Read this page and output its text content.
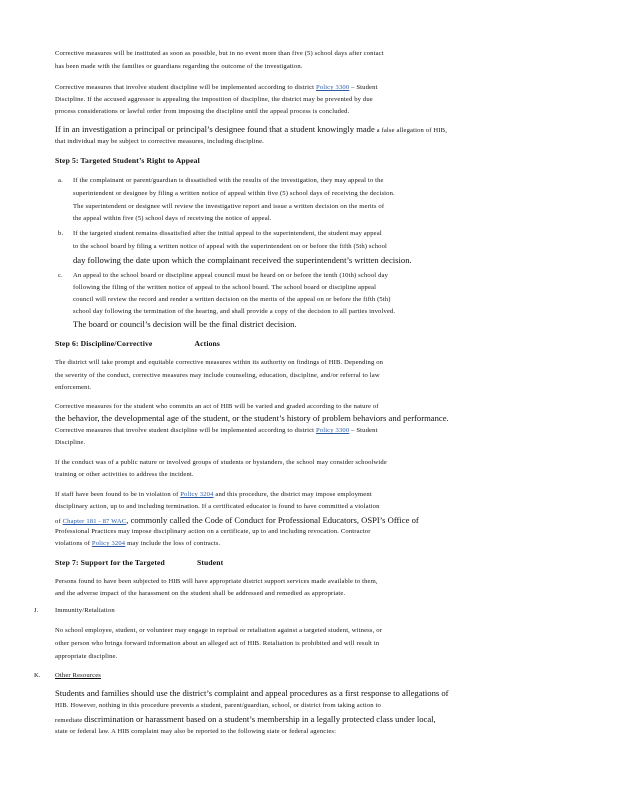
Corrective measures will be instituted as soon as possible, but in no event more than five (5) school days after contact
has been made with the families or guardians regarding the outcome of the investigation.
Corrective measures that involve student discipline will be implemented according to district Policy 3300 – Student
Discipline. If the accused aggressor is appealing the imposition of discipline, the district may be prevented by due
process considerations or lawful order from imposing the discipline until the appeal process is concluded.
If in an investigation a principal or principal’s designee found that a student knowingly made a false allegation of HIB,
that individual may be subject to corrective measures, including discipline.
Step 5: Targeted Student’s Right to Appeal
a. If the complainant or parent/guardian is dissatisfied with the results of the investigation, they may appeal to the
superintendent or designee by filing a written notice of appeal within five (5) school days of receiving the decision.
The superintendent or designee will review the investigative report and issue a written decision on the merits of
the appeal within five (5) school days of receiving the notice of appeal.
b. If the targeted student remains dissatisfied after the initial appeal to the superintendent, the student may appeal
to the school board by filing a written notice of appeal with the superintendent on or before the fifth (5th) school
day following the date upon which the complainant received the superintendent’s written decision.
c. An appeal to the school board or discipline appeal council must be heard on or before the tenth (10th) school day
following the filing of the written notice of appeal to the school board. The school board or discipline appeal
council will review the record and render a written decision on the merits of the appeal on or before the fifth (5th)
school day following the termination of the hearing, and shall provide a copy of the decision to all parties involved.
The board or council’s decision will be the final district decision.
Step 6: Discipline/Corrective	Actions
The district will take prompt and equitable corrective measures within its authority on findings of HIB. Depending on
the severity of the conduct, corrective measures may include counseling, education, discipline, and/or referral to law
enforcement.
Corrective measures for the student who commits an act of HIB will be varied and graded according to the nature of
the behavior, the developmental age of the student, or the student’s history of problem behaviors and performance.
Corrective measures that involve student discipline will be implemented according to district Policy 3300 – Student
Discipline.
If the conduct was of a public nature or involved groups of students or bystanders, the school may consider schoolwide
training or other activities to address the incident.
If staff have been found to be in violation of Policy 3204 and this procedure, the district may impose employment
disciplinary action, up to and including termination. If a certificated educator is found to have committed a violation
of Chapter 181 - 87 WAC, commonly called the Code of Conduct for Professional Educators, OSPI’s Office of
Professional Practices may impose disciplinary action on a certificate, up to and including revocation. Contractor
violations of Policy 3204 may include the loss of contracts.
Step 7: Support for the Targeted	Student
Persons found to have been subjected to HIB will have appropriate district support services made available to them,
and the adverse impact of the harassment on the student shall be addressed and remedied as appropriate.
J. Immunity/Retaliation
No school employee, student, or volunteer may engage in reprisal or retaliation against a targeted student, witness, or
other person who brings forward information about an alleged act of HIB. Retaliation is prohibited and will result in
appropriate discipline.
K. Other Resources
Students and families should use the district’s complaint and appeal procedures as a first response to allegations of
HIB. However, nothing in this procedure prevents a student, parent/guardian, school, or district from taking action to
remediate discrimination or harassment based on a student’s membership in a legally protected class under local,
state or federal law. A HIB complaint may also be reported to the following state or federal agencies:
